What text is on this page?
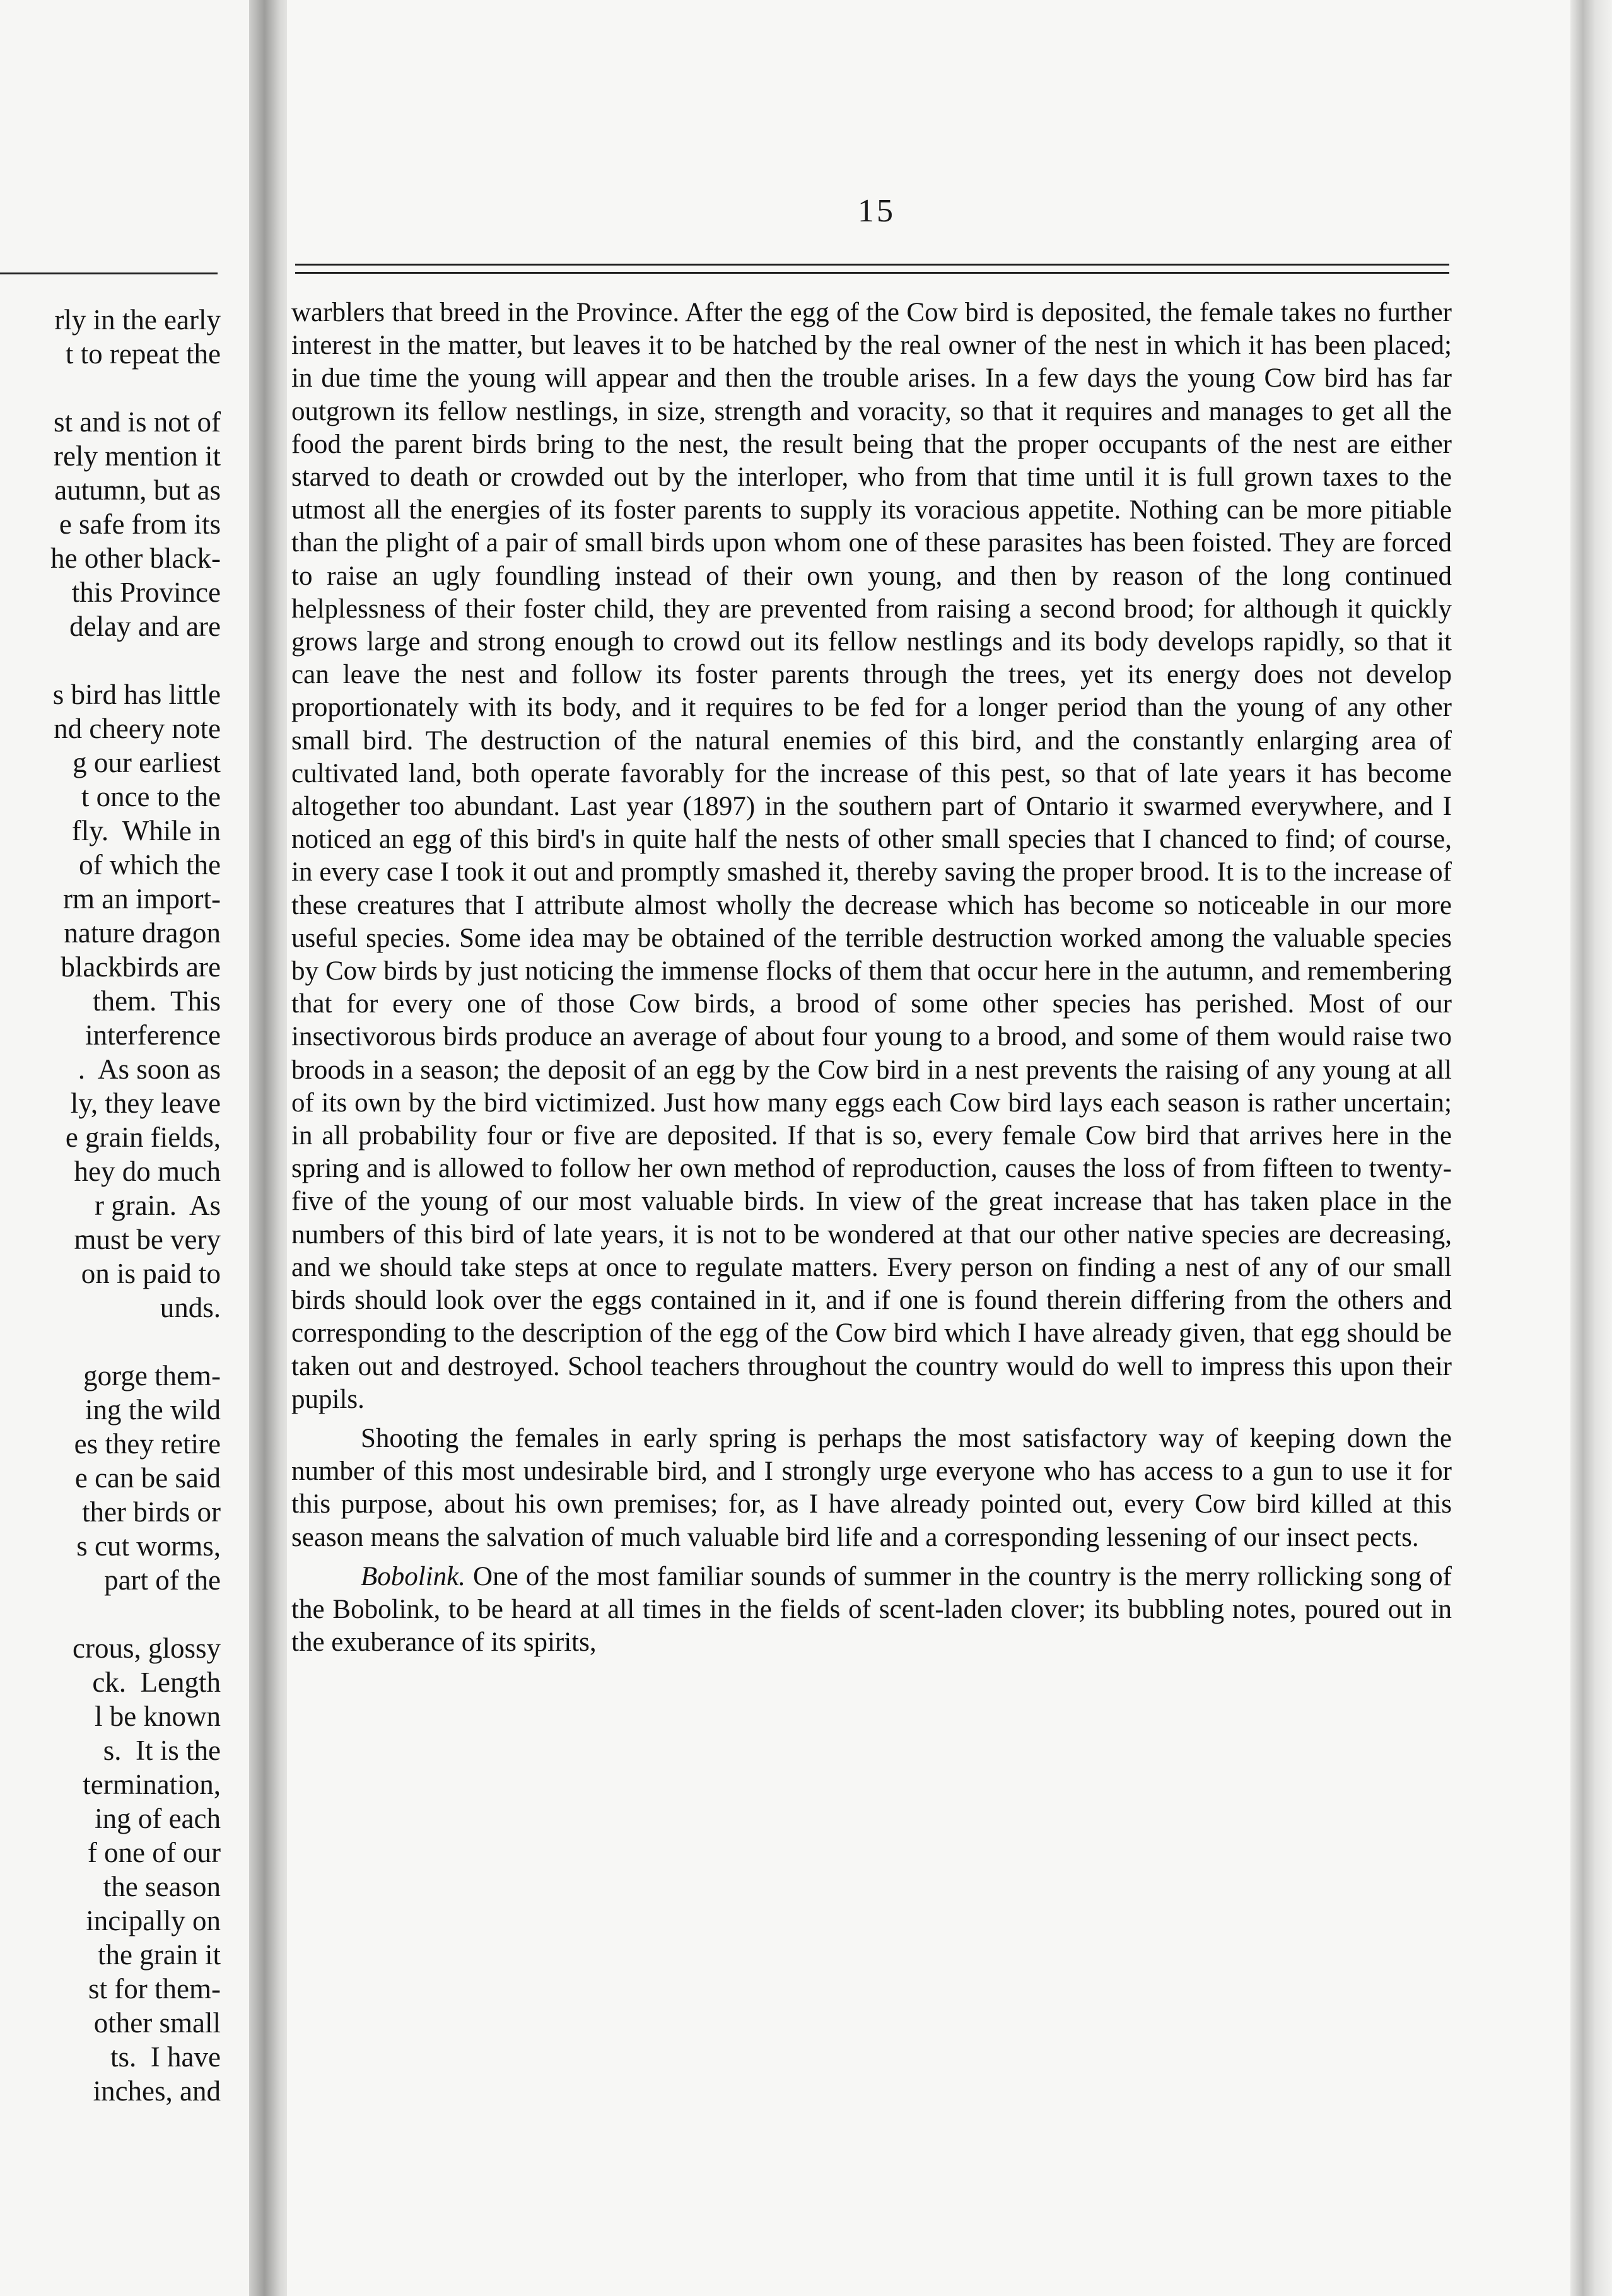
rly in the early
t to repeat the

st and is not of
rely mention it
autumn, but as
e safe from its
he other black-
this Province
delay and are

s bird has little
nd cheery note
g our earliest
t once to the
fly.  While in
of which the
rm an import-
nature dragon
blackbirds are
them.  This
interference
.  As soon as
ly, they leave
e grain fields,
hey do much
r grain.  As
must be very
on is paid to
unds.

gorge them-
ing the wild
es they retire
e can be said
ther birds or
s cut worms,
part of the

crous, glossy
ck.  Length
l be known
s.  It is the
termination,
ing of each
f one of our
the season
incipally on
the grain it
st for them-
other small
ts.  I have
inches, and
15

warblers that breed in the Province. After the egg of the Cow bird is deposited, the female takes no further interest in the matter, but leaves it to be hatched by the real owner of the nest in which it has been placed; in due time the young will appear and then the trouble arises. In a few days the young Cow bird has far outgrown its fellow nestlings, in size, strength and voracity, so that it requires and manages to get all the food the parent birds bring to the nest, the result being that the proper occupants of the nest are either starved to death or crowded out by the interloper, who from that time until it is full grown taxes to the utmost all the energies of its foster parents to supply its voracious appetite. Nothing can be more pitiable than the plight of a pair of small birds upon whom one of these parasites has been foisted. They are forced to raise an ugly foundling instead of their own young, and then by reason of the long continued helplessness of their foster child, they are prevented from raising a second brood; for although it quickly grows large and strong enough to crowd out its fellow nestlings and its body develops rapidly, so that it can leave the nest and follow its foster parents through the trees, yet its energy does not develop proportionately with its body, and it requires to be fed for a longer period than the young of any other small bird. The destruction of the natural enemies of this bird, and the constantly enlarging area of cultivated land, both operate favorably for the increase of this pest, so that of late years it has become altogether too abundant. Last year (1897) in the southern part of Ontario it swarmed everywhere, and I noticed an egg of this bird's in quite half the nests of other small species that I chanced to find; of course, in every case I took it out and promptly smashed it, thereby saving the proper brood. It is to the increase of these creatures that I attribute almost wholly the decrease which has become so noticeable in our more useful species. Some idea may be obtained of the terrible destruction worked among the valuable species by Cow birds by just noticing the immense flocks of them that occur here in the autumn, and remembering that for every one of those Cow birds, a brood of some other species has perished. Most of our insectivorous birds produce an average of about four young to a brood, and some of them would raise two broods in a season; the deposit of an egg by the Cow bird in a nest prevents the raising of any young at all of its own by the bird victimized. Just how many eggs each Cow bird lays each season is rather uncertain; in all probability four or five are deposited. If that is so, every female Cow bird that arrives here in the spring and is allowed to follow her own method of reproduction, causes the loss of from fifteen to twenty-five of the young of our most valuable birds. In view of the great increase that has taken place in the numbers of this bird of late years, it is not to be wondered at that our other native species are decreasing, and we should take steps at once to regulate matters. Every person on finding a nest of any of our small birds should look over the eggs contained in it, and if one is found therein differing from the others and corresponding to the description of the egg of the Cow bird which I have already given, that egg should be taken out and destroyed. School teachers throughout the country would do well to impress this upon their pupils.

Shooting the females in early spring is perhaps the most satisfactory way of keeping down the number of this most undesirable bird, and I strongly urge everyone who has access to a gun to use it for this purpose, about his own premises; for, as I have already pointed out, every Cow bird killed at this season means the salvation of much valuable bird life and a corresponding lessening of our insect pects.

Bobolink. One of the most familiar sounds of summer in the country is the merry rollicking song of the Bobolink, to be heard at all times in the fields of scent-laden clover; its bubbling notes, poured out in the exuberance of its spirits,
